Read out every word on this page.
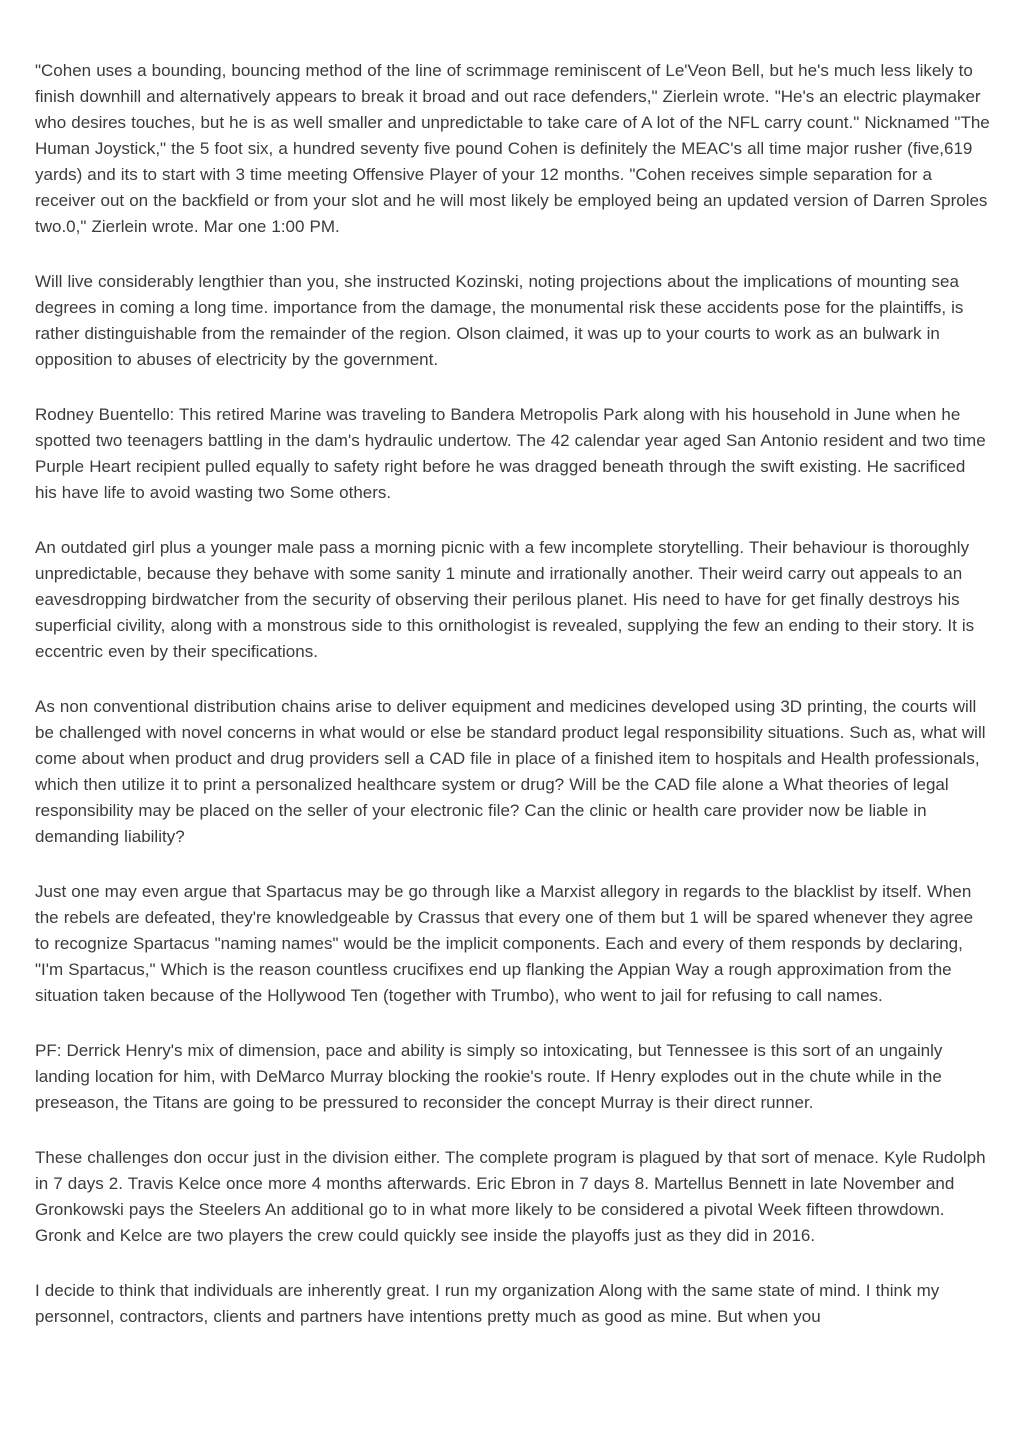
"Cohen uses a bounding, bouncing method of the line of scrimmage reminiscent of Le'Veon Bell, but he's much less likely to finish downhill and alternatively appears to break it broad and out race defenders," Zierlein wrote. "He's an electric playmaker who desires touches, but he is as well smaller and unpredictable to take care of A lot of the NFL carry count." Nicknamed "The Human Joystick," the 5 foot six, a hundred seventy five pound Cohen is definitely the MEAC's all time major rusher (five,619 yards) and its to start with 3 time meeting Offensive Player of your 12 months. "Cohen receives simple separation for a receiver out on the backfield or from your slot and he will most likely be employed being an updated version of Darren Sproles two.0," Zierlein wrote. Mar one 1:00 PM.

Will live considerably lengthier than you, she instructed Kozinski, noting projections about the implications of mounting sea degrees in coming a long time. importance from the damage, the monumental risk these accidents pose for the plaintiffs, is rather distinguishable from the remainder of the region. Olson claimed, it was up to your courts to work as an bulwark in opposition to abuses of electricity by the government.

Rodney Buentello: This retired Marine was traveling to Bandera Metropolis Park along with his household in June when he spotted two teenagers battling in the dam's hydraulic undertow. The 42 calendar year aged San Antonio resident and two time Purple Heart recipient pulled equally to safety right before he was dragged beneath through the swift existing. He sacrificed his have life to avoid wasting two Some others.

An outdated girl plus a younger male pass a morning picnic with a few incomplete storytelling. Their behaviour is thoroughly unpredictable, because they behave with some sanity 1 minute and irrationally another. Their weird carry out appeals to an eavesdropping birdwatcher from the security of observing their perilous planet. His need to have for get finally destroys his superficial civility, along with a monstrous side to this ornithologist is revealed, supplying the few an ending to their story. It is eccentric even by their specifications.

As non conventional distribution chains arise to deliver equipment and medicines developed using 3D printing, the courts will be challenged with novel concerns in what would or else be standard product legal responsibility situations. Such as, what will come about when product and drug providers sell a CAD file in place of a finished item to hospitals and Health professionals, which then utilize it to print a personalized healthcare system or drug? Will be the CAD file alone a What theories of legal responsibility may be placed on the seller of your electronic file? Can the clinic or health care provider now be liable in demanding liability?

Just one may even argue that Spartacus may be go through like a Marxist allegory in regards to the blacklist by itself. When the rebels are defeated, they're knowledgeable by Crassus that every one of them but 1 will be spared whenever they agree to recognize Spartacus "naming names" would be the implicit components. Each and every of them responds by declaring, "I'm Spartacus," Which is the reason countless crucifixes end up flanking the Appian Way a rough approximation from the situation taken because of the Hollywood Ten (together with Trumbo), who went to jail for refusing to call names.

PF: Derrick Henry's mix of dimension, pace and ability is simply so intoxicating, but Tennessee is this sort of an ungainly landing location for him, with DeMarco Murray blocking the rookie's route. If Henry explodes out in the chute while in the preseason, the Titans are going to be pressured to reconsider the concept Murray is their direct runner.

These challenges don occur just in the division either. The complete program is plagued by that sort of menace. Kyle Rudolph in 7 days 2. Travis Kelce once more 4 months afterwards. Eric Ebron in 7 days 8. Martellus Bennett in late November and Gronkowski pays the Steelers An additional go to in what more likely to be considered a pivotal Week fifteen throwdown. Gronk and Kelce are two players the crew could quickly see inside the playoffs just as they did in 2016.

I decide to think that individuals are inherently great. I run my organization Along with the same state of mind. I think my personnel, contractors, clients and partners have intentions pretty much as good as mine. But when you
